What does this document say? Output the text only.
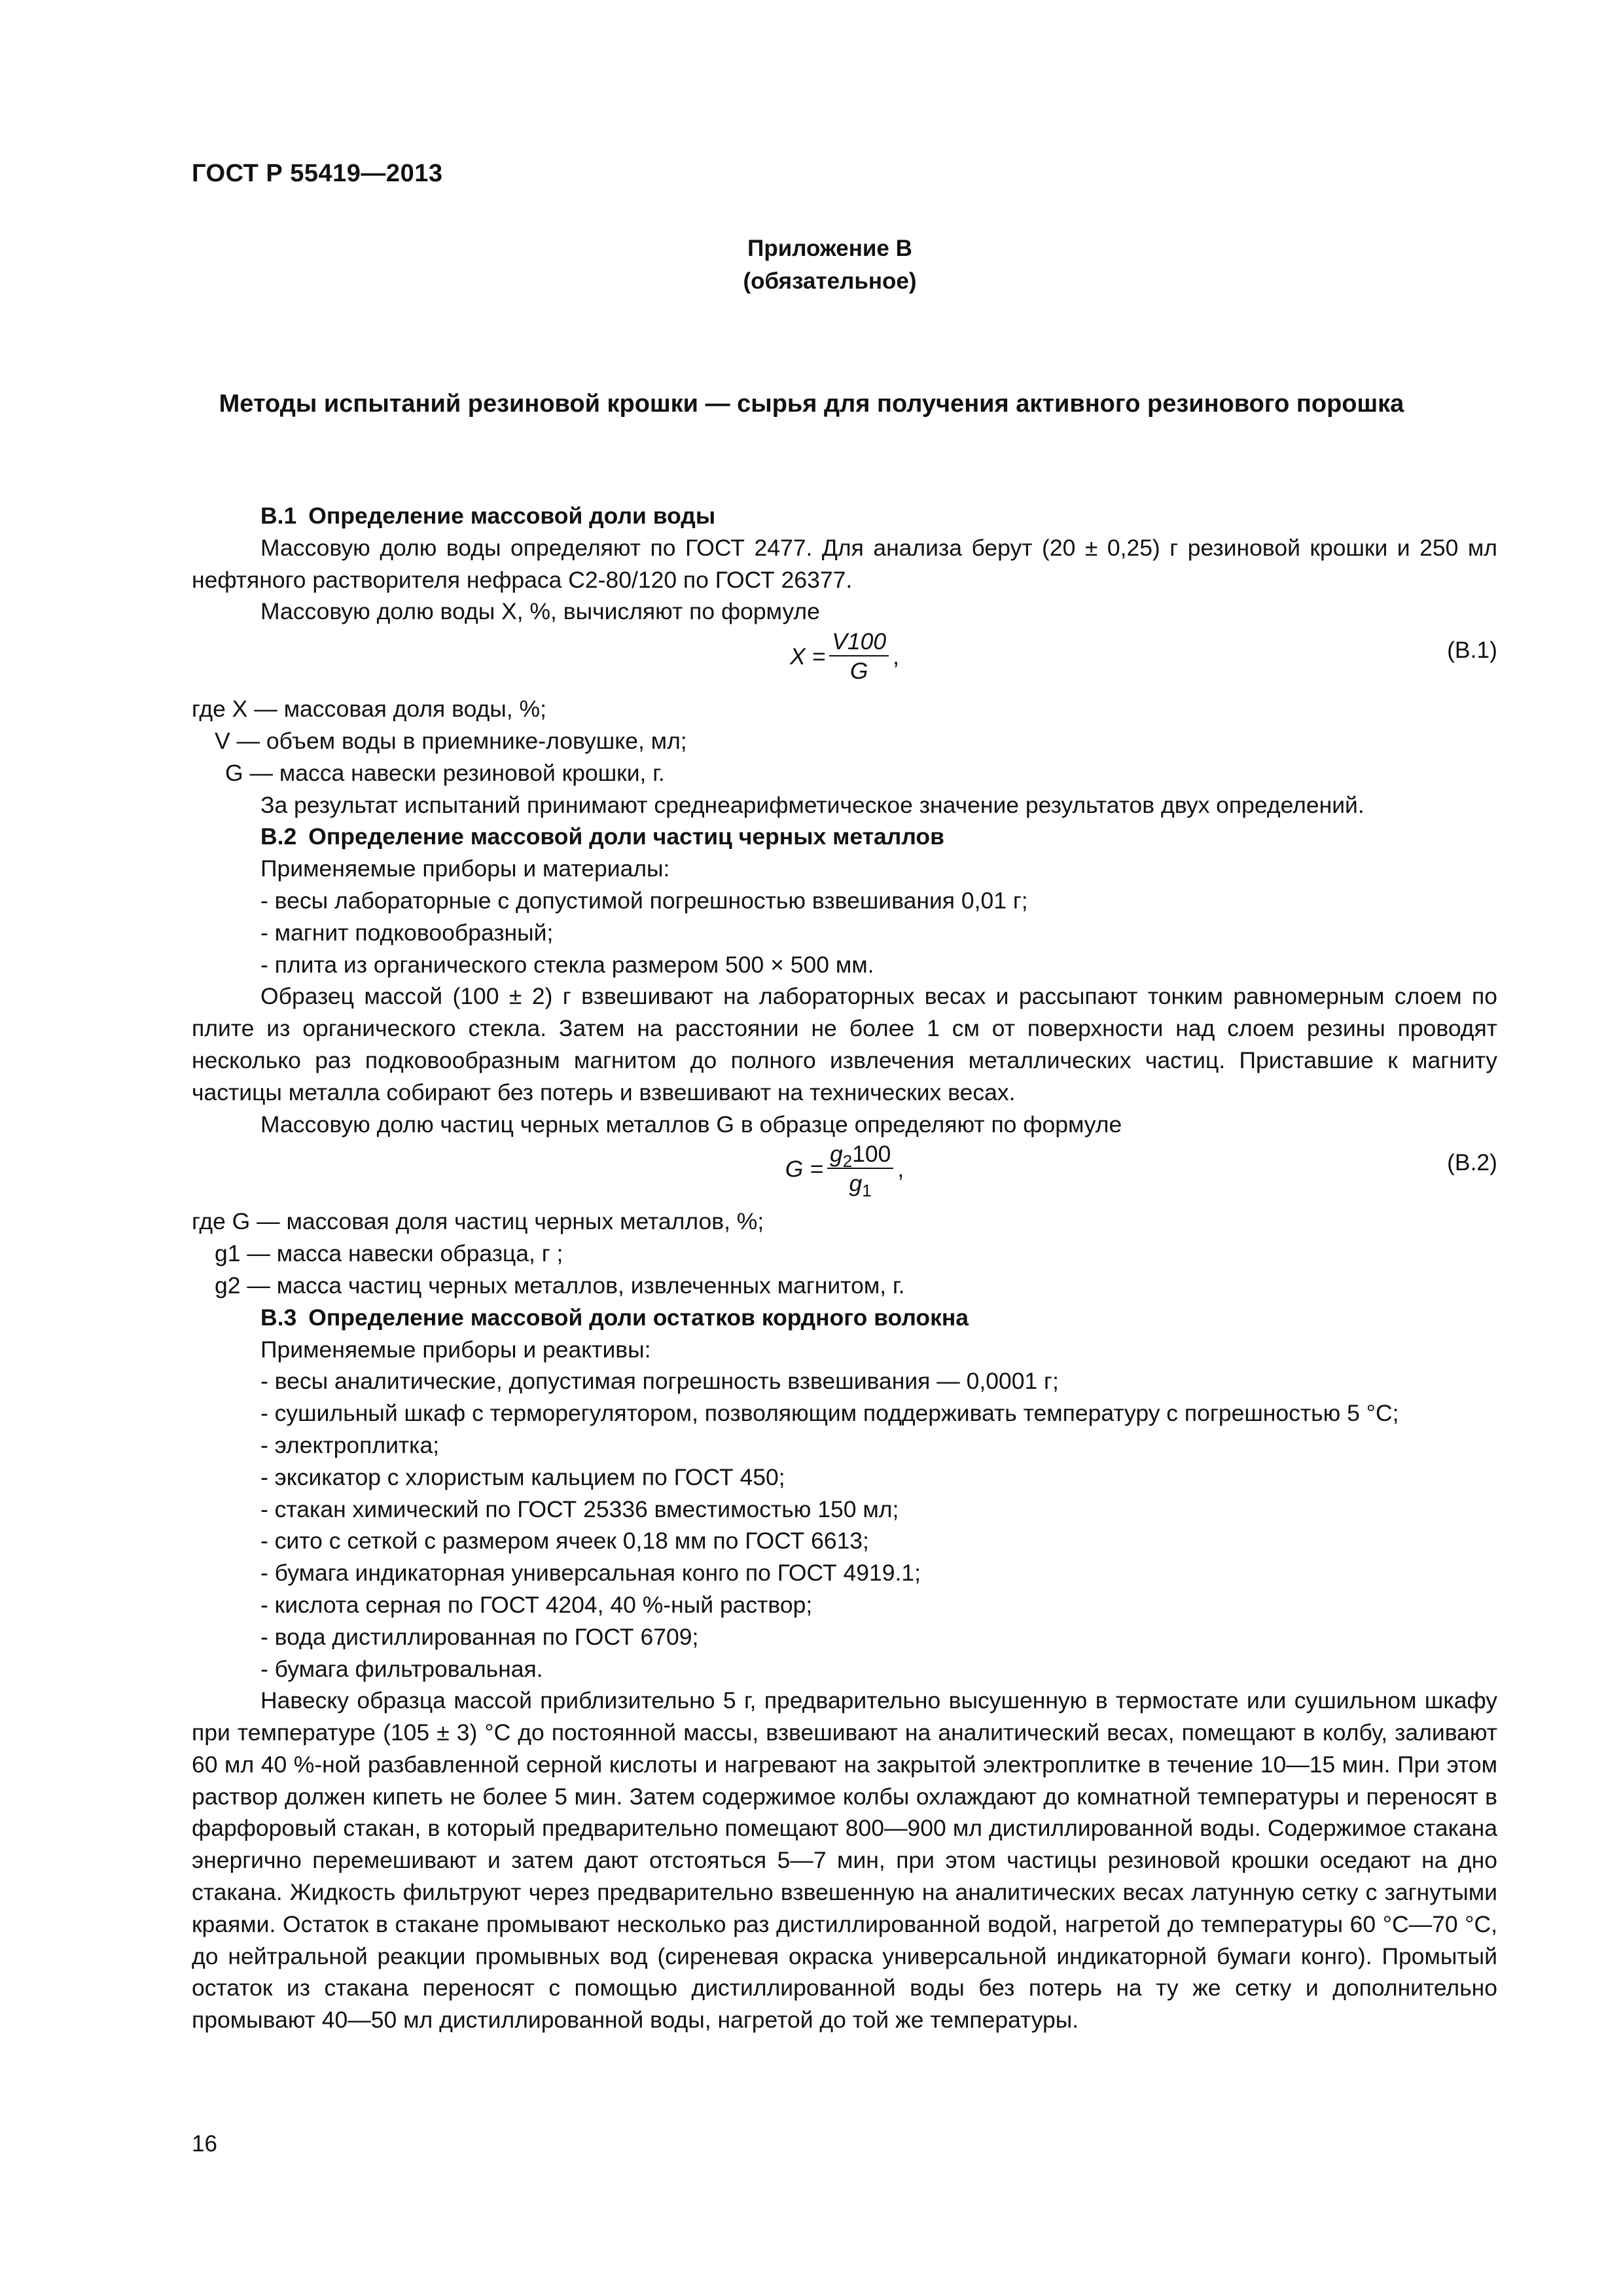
ГОСТ Р 55419—2013
Приложение В
(обязательное)
Методы испытаний резиновой крошки — сырья для получения активного резинового порошка

В.1 Определение массовой доли воды

Массовую долю воды определяют по ГОСТ 2477. Для анализа берут (20 ± 0,25) г резиновой крошки и 250 мл нефтяного растворителя нефраса С2-80/120 по ГОСТ 26377.

Массовую долю воды X, %, вычисляют по формуле

$X = \frac{V100}{G}$ ,	(В.1)

где X — массовая доля воды, %;

V — объем воды в приемнике-ловушке, мл;

G — масса навески резиновой крошки, г.

За результат испытаний принимают среднеарифметическое значение результатов двух определений.

В.2 Определение массовой доли частиц черных металлов

Применяемые приборы и материалы:

- весы лабораторные с допустимой погрешностью взвешивания 0,01 г;

- магнит подковообразный;

- плита из органического стекла размером 500 × 500 мм.

Образец массой (100 ± 2) г взвешивают на лабораторных весах и рассыпают тонким равномерным слоем по плите из органического стекла. Затем на расстоянии не более 1 см от поверхности над слоем резины проводят несколько раз подковообразным магнитом до полного извлечения металлических частиц. Приставшие к магниту частицы металла собирают без потерь и взвешивают на технических весах.

Массовую долю частиц черных металлов G в образце определяют по формуле

$G = \frac{g_2100}{g_1}$ ,	(В.2)

где G — массовая доля частиц черных металлов, %;

g1 — масса навески образца, г ;

g2 — масса частиц черных металлов, извлеченных магнитом, г.

В.3 Определение массовой доли остатков кордного волокна

Применяемые приборы и реактивы:

- весы аналитические, допустимая погрешность взвешивания — 0,0001 г;

- сушильный шкаф с терморегулятором, позволяющим поддерживать температуру с погрешностью 5 °С;

- электроплитка;

- эксикатор с хлористым кальцием по ГОСТ 450;

- стакан химический по ГОСТ 25336 вместимостью 150 мл;

- сито с сеткой с размером ячеек 0,18 мм по ГОСТ 6613;

- бумага индикаторная универсальная конго по ГОСТ 4919.1;

- кислота серная по ГОСТ 4204, 40 %-ный раствор;

- вода дистиллированная по ГОСТ 6709;

- бумага фильтровальная.

Навеску образца массой приблизительно 5 г, предварительно высушенную в термостате или сушильном шкафу при температуре (105 ± 3) °С до постоянной массы, взвешивают на аналитический весах, помещают в колбу, заливают 60 мл 40 %-ной разбавленной серной кислоты и нагревают на закрытой электроплитке в течение 10—15 мин. При этом раствор должен кипеть не более 5 мин. Затем содержимое колбы охлаждают до комнатной температуры и переносят в фарфоровый стакан, в который предварительно помещают 800—900 мл дистиллированной воды. Содержимое стакана энергично перемешивают и затем дают отстояться 5—7 мин, при этом частицы резиновой крошки оседают на дно стакана. Жидкость фильтруют через предварительно взвешенную на аналитических весах латунную сетку с загнутыми краями. Остаток в стакане промывают несколько раз дистиллированной водой, нагретой до температуры 60 °С—70 °С, до нейтральной реакции промывных вод (сиреневая окраска универсальной индикаторной бумаги конго). Промытый остаток из стакана переносят с помощью дистиллированной воды без потерь на ту же сетку и дополнительно промывают 40—50 мл дистиллированной воды, нагретой до той же температуры.

16
